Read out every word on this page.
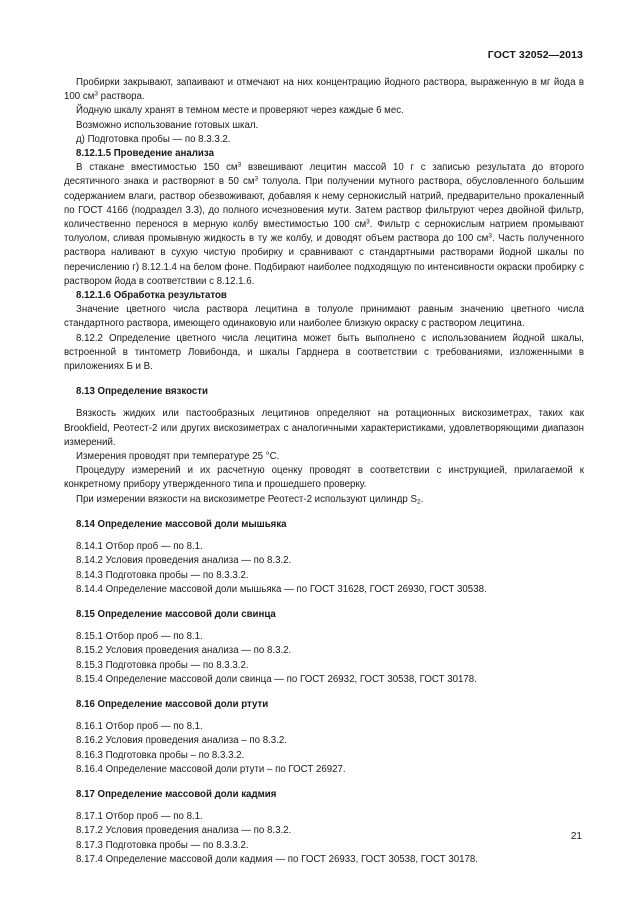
ГОСТ 32052—2013

Пробирки закрывают, запаивают и отмечают на них концентрацию йодного раствора, выраженную в мг йода в 100 $см^3$ раствора.

Йодную шкалу хранят в темном месте и проверяют через каждые 6 мес.

Возможно использование готовых шкал.

д) Подготовка пробы — по 8.3.3.2.

8.12.1.5 Проведение анализа

В стакане вместимостью 150 $см^3$ взвешивают лецитин массой 10 г с записью результата до второго десятичного знака и растворяют в 50 $см^3$ толуола. При получении мутного раствора, обусловленного большим содержанием влаги, раствор обезвоживают, добавляя к нему сернокислый натрий, предварительно прокаленный по ГОСТ 4166 (подраздел 3.3), до полного исчезновения мути. Затем раствор фильтруют через двойной фильтр, количественно перенося в мерную колбу вместимостью 100 $см^3$. Фильтр с сернокислым натрием промывают толуолом, сливая промывную жидкость в ту же колбу, и доводят объем раствора до 100 $см^3$. Часть полученного раствора наливают в сухую чистую пробирку и сравнивают с стандартными растворами йодной шкалы по перечислению г) 8.12.1.4 на белом фоне. Подбирают наиболее подходящую по интенсивности окраски пробирку с раствором йода в соответствии с 8.12.1.6.

8.12.1.6 Обработка результатов

Значение цветного числа раствора лецитина в толуоле принимают равным значению цветного числа стандартного раствора, имеющего одинаковую или наиболее близкую окраску с раствором лецитина.

8.12.2 Определение цветного числа лецитина может быть выполнено с использованием йодной шкалы, встроенной в тинтометр Ловибонда, и шкалы Гарднера в соответствии с требованиями, изложенными в приложениях Б и В.

8.13 Определение вязкости

Вязкость жидких или пастообразных лецитинов определяют на ротационных вискозиметрах, таких как Brookfield, Реотест-2 или других вискозиметрах с аналогичными характеристиками, удовлетворяющими диапазон измерений.

Измерения проводят при температуре 25 °С.

Процедуру измерений и их расчетную оценку проводят в соответствии с инструкцией, прилагаемой к конкретному прибору утвержденного типа и прошедшего проверку.

При измерении вязкости на вискозиметре Реотест-2 используют цилиндр $S_2$.

8.14 Определение массовой доли мышьяка

8.14.1 Отбор проб — по 8.1.

8.14.2 Условия проведения анализа — по 8.3.2.

8.14.3 Подготовка пробы — по 8.3.3.2.

8.14.4 Определение массовой доли мышьяка — по ГОСТ 31628, ГОСТ 26930, ГОСТ 30538.

8.15 Определение массовой доли свинца

8.15.1 Отбор проб — по 8.1.

8.15.2 Условия проведения анализа — по 8.3.2.

8.15.3 Подготовка пробы — по 8.3.3.2.

8.15.4 Определение массовой доли свинца — по ГОСТ 26932, ГОСТ 30538, ГОСТ 30178.

8.16 Определение массовой доли ртути

8.16.1 Отбор проб — по 8.1.

8.16.2 Условия проведения анализа – по 8.3.2.

8.16.3 Подготовка пробы – по 8.3.3.2.

8.16.4 Определение массовой доли ртути – по ГОСТ 26927.

8.17 Определение массовой доли кадмия

8.17.1 Отбор проб — по 8.1.

8.17.2 Условия проведения анализа — по 8.3.2.

8.17.3 Подготовка пробы — по 8.3.3.2.

8.17.4 Определение массовой доли кадмия — по ГОСТ 26933, ГОСТ 30538, ГОСТ 30178.

21
